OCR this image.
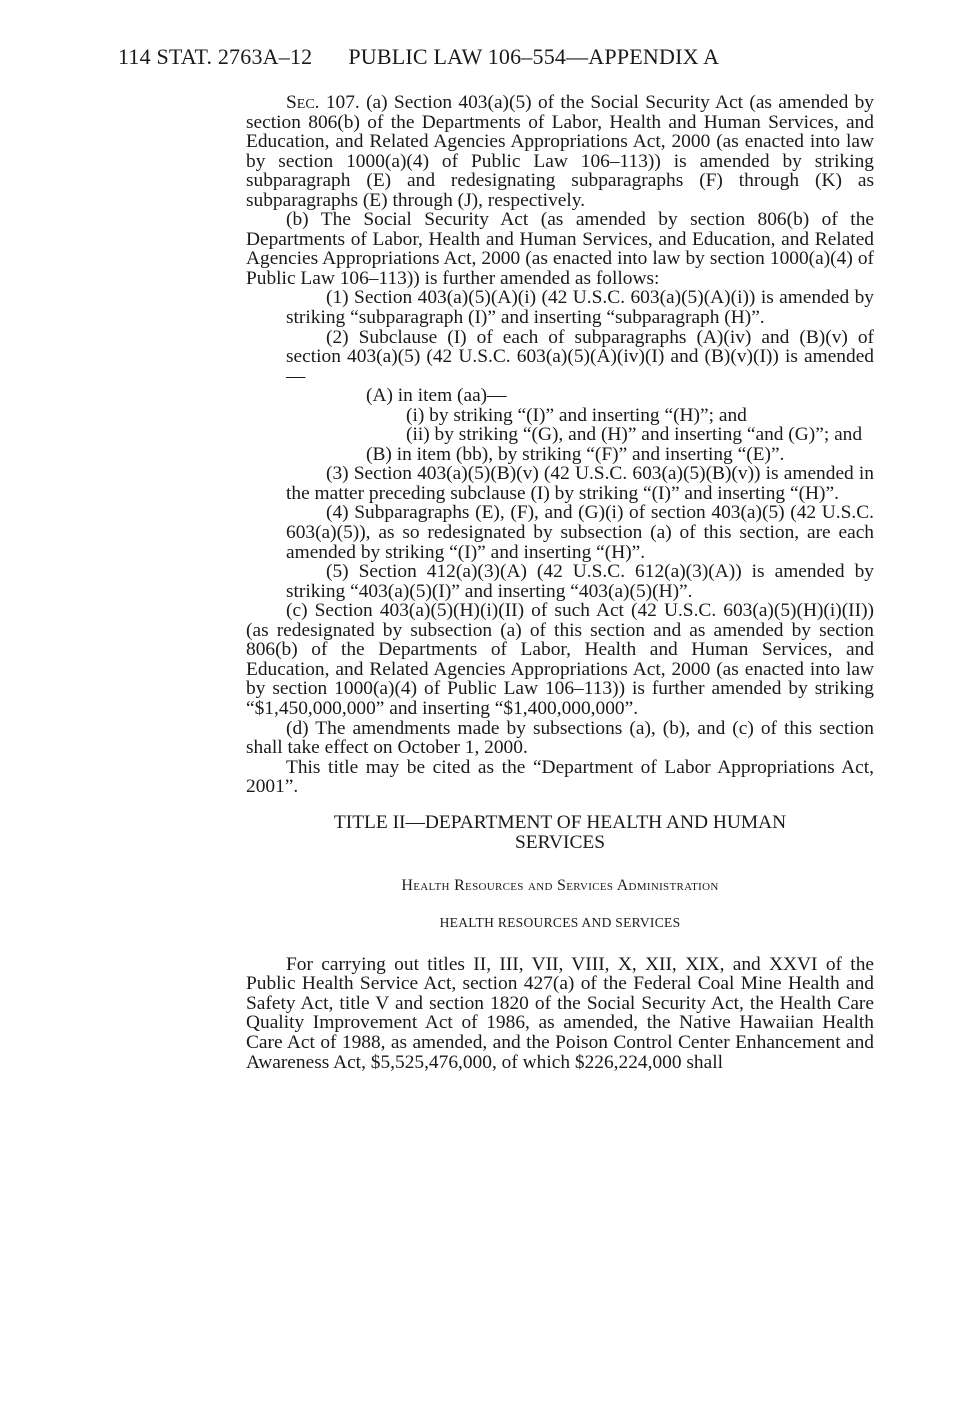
114 STAT. 2763A–12 PUBLIC LAW 106–554—APPENDIX A

Sec. 107. (a) Section 403(a)(5) of the Social Security Act (as amended by section 806(b) of the Departments of Labor, Health and Human Services, and Education, and Related Agencies Appropriations Act, 2000 (as enacted into law by section 1000(a)(4) of Public Law 106–113)) is amended by striking subparagraph (E) and redesignating subparagraphs (F) through (K) as subparagraphs (E) through (J), respectively.

(b) The Social Security Act (as amended by section 806(b) of the Departments of Labor, Health and Human Services, and Education, and Related Agencies Appropriations Act, 2000 (as enacted into law by section 1000(a)(4) of Public Law 106–113)) is further amended as follows:

(1) Section 403(a)(5)(A)(i) (42 U.S.C. 603(a)(5)(A)(i)) is amended by striking “subparagraph (I)” and inserting “subparagraph (H)”.

(2) Subclause (I) of each of subparagraphs (A)(iv) and (B)(v) of section 403(a)(5) (42 U.S.C. 603(a)(5)(A)(iv)(I) and (B)(v)(I)) is amended—

(A) in item (aa)—

(i) by striking “(I)” and inserting “(H)”; and

(ii) by striking “(G), and (H)” and inserting “and (G)”; and

(B) in item (bb), by striking “(F)” and inserting “(E)”.

(3) Section 403(a)(5)(B)(v) (42 U.S.C. 603(a)(5)(B)(v)) is amended in the matter preceding subclause (I) by striking “(I)” and inserting “(H)”.

(4) Subparagraphs (E), (F), and (G)(i) of section 403(a)(5) (42 U.S.C. 603(a)(5)), as so redesignated by subsection (a) of this section, are each amended by striking “(I)” and inserting “(H)”.

(5) Section 412(a)(3)(A) (42 U.S.C. 612(a)(3)(A)) is amended by striking “403(a)(5)(I)” and inserting “403(a)(5)(H)”.

(c) Section 403(a)(5)(H)(i)(II) of such Act (42 U.S.C. 603(a)(5)(H)(i)(II)) (as redesignated by subsection (a) of this section and as amended by section 806(b) of the Departments of Labor, Health and Human Services, and Education, and Related Agencies Appropriations Act, 2000 (as enacted into law by section 1000(a)(4) of Public Law 106–113)) is further amended by striking “$1,450,000,000” and inserting “$1,400,000,000”.

(d) The amendments made by subsections (a), (b), and (c) of this section shall take effect on October 1, 2000.

This title may be cited as the “Department of Labor Appropriations Act, 2001”.

TITLE II—DEPARTMENT OF HEALTH AND HUMAN SERVICES
Health Resources and Services Administration
HEALTH RESOURCES AND SERVICES

For carrying out titles II, III, VII, VIII, X, XII, XIX, and XXVI of the Public Health Service Act, section 427(a) of the Federal Coal Mine Health and Safety Act, title V and section 1820 of the Social Security Act, the Health Care Quality Improvement Act of 1986, as amended, the Native Hawaiian Health Care Act of 1988, as amended, and the Poison Control Center Enhancement and Awareness Act, $5,525,476,000, of which $226,224,000 shall
